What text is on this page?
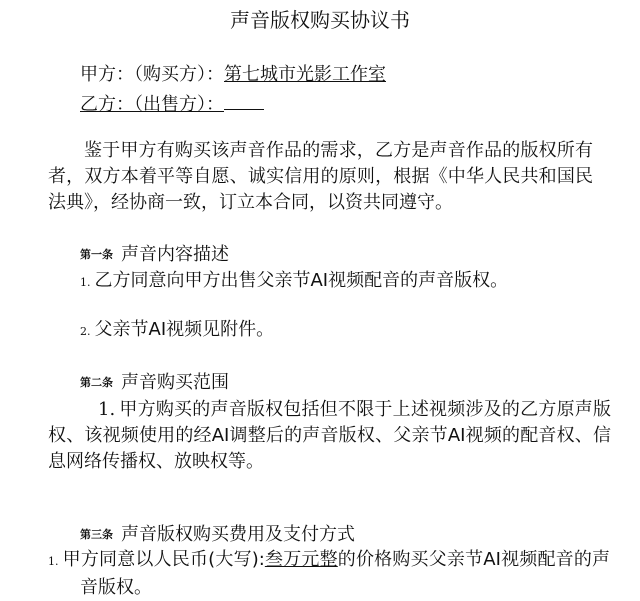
声音版权购买协议书
甲方：（购买方）：第七城市光影工作室
乙方：（出售方）：
鉴于甲方有购买该声音作品的需求，乙方是声音作品的版权所有者，双方本着平等自愿、诚实信用的原则，根据《中华人民共和国民法典》，经协商一致，订立本合同，以资共同遵守。
第一条 声音内容描述
1. 乙方同意向甲方出售父亲节AI视频配音的声音版权。
2. 父亲节AI视频见附件。
第二条 声音购买范围
1. 甲方购买的声音版权包括但不限于上述视频涉及的乙方原声版权、该视频使用的经AI调整后的声音版权、父亲节AI视频的配音权、信息网络传播权、放映权等。
第三条 声音版权购买费用及支付方式
1. 甲方同意以人民币(大写):叁万元整的价格购买父亲节AI视频配音的声音版权。
